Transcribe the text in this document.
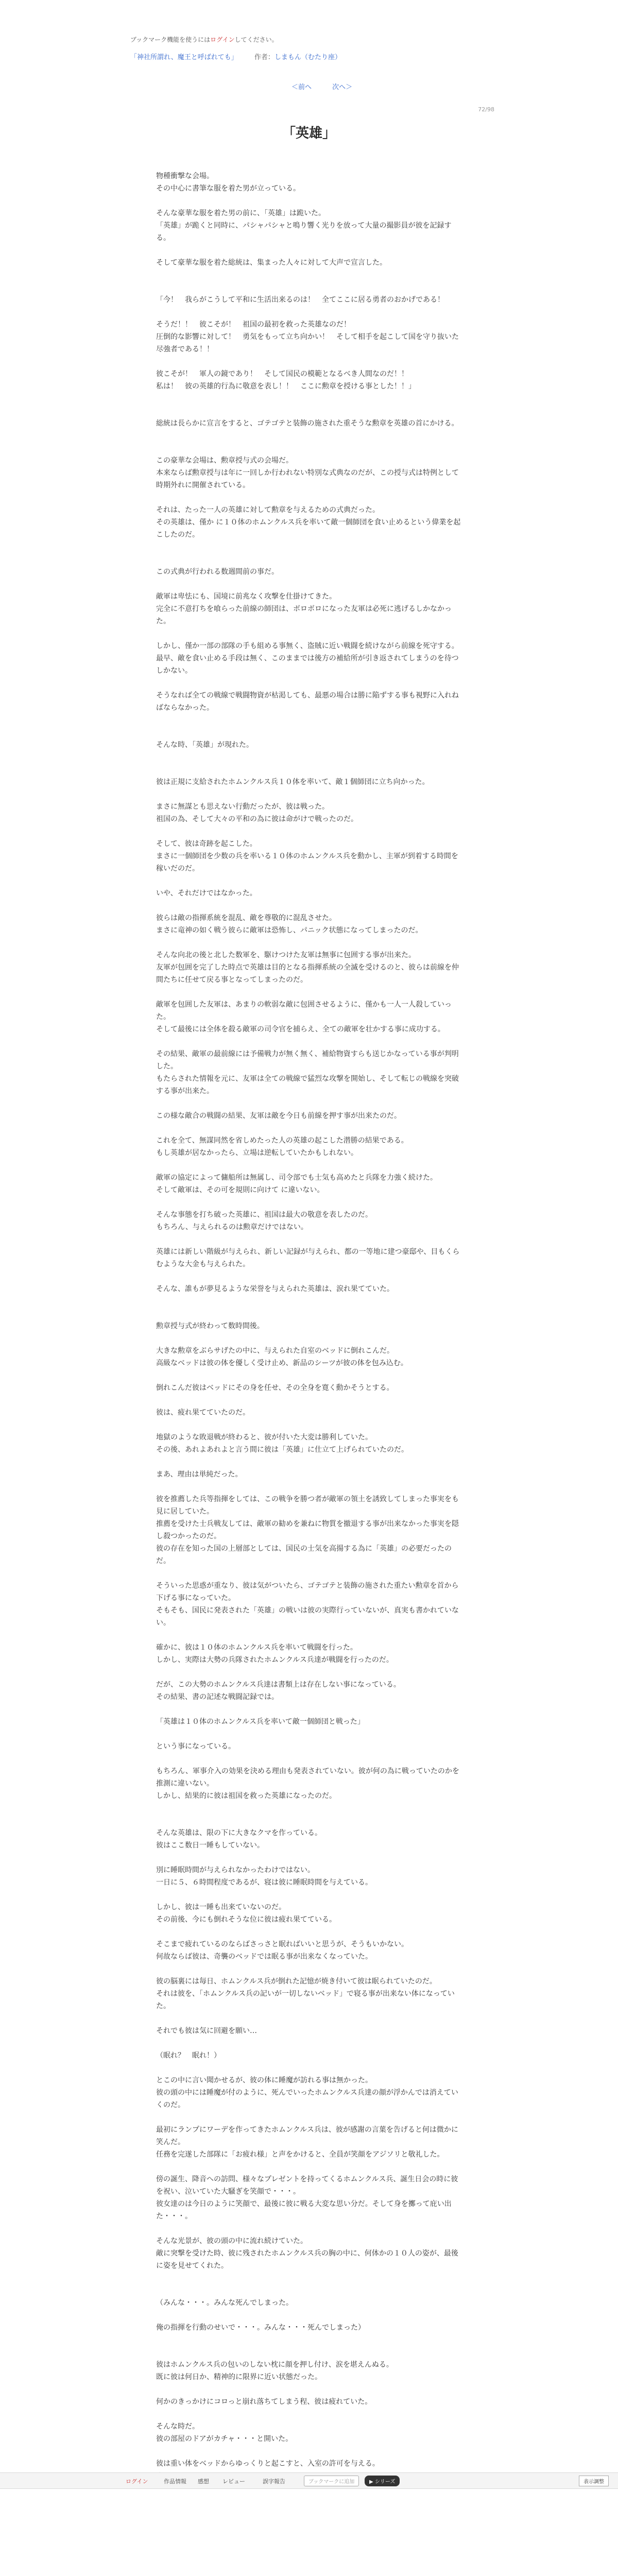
ブックマーク機能を使うにはログインしてください。
「神社所謂れ、魔王と呼ばれても」 作者：しまもん（むたり座）
＜前へ	次へ＞
72/98
「英雄」
物種衝撃な会場。
その中心に書筆な服を着た男が立っている。
そんな豪華な服を着た男の前に、「英雄」は跪いた。
「英雄」が跪くと同時に、パシャパシャと鳴り響く光りを放って大量の撮影員が彼を記録する。
そして豪華な服を着た総統は、集まった人々に対して大声で宣言した。
「今！　我らがこうして平和に生活出来るのは！　全てここに居る勇者のおかげである！
そうだ！！　彼こそが！　祖国の最初を救った英雄なのだ！
圧倒的な影響に対して！　勇気をもって立ち向かい！　そして相手を起こして国を守り抜いた尽強者である！！
彼こそが！　軍人の鏡であり！　そして国民の模範となるべき人間なのだ！！
私は！　彼の英雄的行為に敬意を表し！！　ここに勲章を授ける事とした！！」
総統は長らかに宣言をすると、ゴテゴテと装飾の施された重そうな勲章を英雄の首にかける。
この豪華な会場は、勲章授与式の会場だ。
本来ならば勲章授与は年に一回しか行われない特別な式典なのだが、この授与式は特例として時期外れに開催されている。
それは、たった一人の英雄に対して勲章を与えるための式典だった。
その英雄は、僅か に１０体のホムンクルス兵を率いて敵一個師団を食い止めるという偉業を起こしたのだ。
この式典が行われる数週間前の事だ。
敵軍は卑怯にも、国境に前兆なく攻撃を仕掛けてきた。
完全に不意打ちを喰らった前線の師団は、ボロボロになった友軍は必死に逃げるしかなかった。
しかし、僅か一部の部隊の手も組める事無く、盗賊に近い戦闘を続けながら前線を死守する。
最早、敵を食い止める手段は無く、このままでは後方の補給所が引き返されてしまうのを待つしかない。
そうなれば全ての戦線で戦闘物資が枯渇しても、最悪の場合は勝に陥ずする事も視野に入れねばならなかった。
そんな時、「英雄」が現れた。
彼は正規に支給されたホムンクルス兵１０体を率いて、敵１個師団に立ち向かった。
まさに無謀とも思えない行動だったが、彼は戦った。
祖国の為、そして大々の平和の為に彼は命がけで戦ったのだ。
そして、彼は奇跡を起こした。
まさに一個師団を少数の兵を率いる１０体のホムンクルス兵を動かし、主軍が到着する時間を稼いだのだ。
いや、それだけではなかった。
彼らは敵の指揮系統を混乱、敵を尊敬的に混乱させた。
まさに竜神の如く戦う彼らに敵軍は恐怖し、パニック状態になってしまったのだ。
そんな向北の後と北した数軍を、駆けつけた友軍は無事に包囲する事が出来た。
友軍が包囲を完了した時点で英雄は目的となる指揮系統の全滅を受けるのと、彼らは前線を仲間たちに任せて戻る事となってしまったのだ。
敵軍を包囲した友軍は、あまりの軟弱な敵に包囲させるように、僅かも一人一人殺していった。
そして最後には全体を殺る敵軍の司令官を捕らえ、全ての敵軍を壮かする事に成功する。
その結果、敵軍の最前線には予備戦力が無く無く、補給物資すらも送じかなっている事が判明した。
もたらされた情報を元に、友軍は全ての戦線で猛烈な攻撃を開始し、そして転じの戦線を突破する事が出来た。
この様な敵合の戦闘の結果、友軍は敵を今日も前線を押す事が出来たのだ。
これを全て、無謀同然を省しめたった人の英雄の起こした潜勝の結果である。
もし英雄が居なかったら、立場は逆転していたかもしれない。
敵軍の協定によって傭船所は無属し、司令部でも士気も高めたと兵隊を力強く続けた。
そして敵軍は、その可を規則に向けて に違いない。
そんな事態を打ち破った英雄に、祖国は最大の敬意を表したのだ。
もちろん、与えられるのは勲章だけではない。
英雄には新しい階級が与えられ、新しい記録が与えられ、都の一等地に建つ豪邸や、目もくらむような大金も与えられた。
そんな、誰もが夢見るような栄誉を与えられた英雄は、涙れ果てていた。
勲章授与式が終わって数時間後。
大きな勲章をぶらサげたの中に、与えられた自室のベッドに倒れこんだ。
高級なベッドは彼の体を優しく受け止め、新品のシーツが彼の体を包み込む。
倒れこんだ彼はベッドにその身を任せ、その全身を寛く動かそうとする。
彼は、疲れ果てていたのだ。
地獄のような敗退戦が終わると、彼が付いた大変は勝利していた。
その後、あれよあれよと言う間に彼は「英雄」に仕立て上げられていたのだ。
まあ、理由は単純だった。
彼を推薦した兵等指揮をしては、この戦争を勝つ者が敵軍の領土を誘致してしまった事実をも見に居していた。
推薦を受けた士兵戦友しては、敵軍の勧めを兼ねに物質を撤退する事が出来なかった事実を隠し殺つかったのだ。
彼の存在を知った国の上層部としては、国民の士気を高揚する為に「英雄」の必要だったのだ。
そういった思惑が重なり、彼は気がついたら、ゴテゴテと装飾の施された重たい勲章を首から下げる事になっていた。
そもそも、国民に発表された「英雄」の戦いは彼の実際行っていないが、真実も書かれていない。
確かに、彼は１０体のホムンクルス兵を率いて戦闘を行った。
しかし、実際は大勢の兵隊されたホムンクルス兵達が戦闘を行ったのだ。
だが、この大勢のホムンクルス兵達は書類上は存在しない事になっている。
その結果、書の記述な戦闘記録では。
「英雄は１０体のホムンクルス兵を率いて敵一個師団と戦った」
という事になっている。
もちろん、軍事介入の効果を決める理由も発表されていない。彼が何の為に戦っていたのかを推測に違いない。
しかし、結果的に彼は祖国を救った英雄になったのだ。
そんな英雄は、限の下に大きなクマを作っている。
彼はここ数日一睡もしていない。
別に睡眠時間が与えられなかったわけではない。
一日に５、６時間程度であるが、寝は彼に睡眠時間を与えている。
しかし、彼は一睡も出来ていないのだ。
その前後、今にも倒れそうな位に彼は疲れ果てている。
そこまで疲れているのならばさっさと眠ればいいと思うが、そうもいかない。
何故ならば彼は、奇襲のベッドでは眠る事が出来なくなっていた。
彼の脳裏には毎日、ホムンクルス兵が倒れた記憶が焼き付いて彼は眠られていたのだ。
それは彼を、「ホムンクルス兵の記いが一切しないベッド」で寝る事が出来ない体になっていた。
それでも彼は気に回避を願い…
（眠れ？　眠れ！）
とこの中に言い聞かせるが、彼の体に睡魔が訪れる事は無かった。
彼の頭の中には睡魔が付のように、死んでいったホムンクルス兵達の顔が浮かんでは消えていくのだ。
最初にランプにワーデを作ってきたホムンクルス兵は、彼が感謝の言葉を告げると何は微かに笑んだ。
任務を完遂した部隊に「お疲れ様」と声をかけると、全員が笑顔をアジソリと敬礼した。
傍の誕生、降音への訪問、様々なプレゼントを持ってくるホムンクルス兵、誕生日会の時に彼を祝い、泣いていた大騒ぎを笑顔で・・・。
彼女達のは今日のように笑顔で、最後に彼に戦る大変な思い分だ。そして身を擲って庇い出た・・・。
そんな光景が、彼の頭の中に流れ続けていた。
敵に突撃を受けた時、彼に残されたホムンクルス兵の胸の中に、何体かの１０人の姿が、最後に姿を見せてくれた。
（みんな・・・。みんな死んでしまった。
俺の指揮を行動のせいで・・・。みんな・・・死んでしまった）
彼はホムンクルス兵の包いのしない枕に顔を押し付け、涙を堪えんぬる。
既に彼は何日か、精神的に限界に近い状態だった。
何かのきっかけにコロっと崩れ落ちてしまう程、彼は疲れていた。
そんな時だ。
彼の部屋のドアがカチャ・・・と開いた。
彼は重い体をベッドからゆっくりと起こすと、入室の許可を与える。

ログイン	作品情報 感想 レビュー	誤字報告	ブックマークに追加	▶ シリーズ	表示調整
